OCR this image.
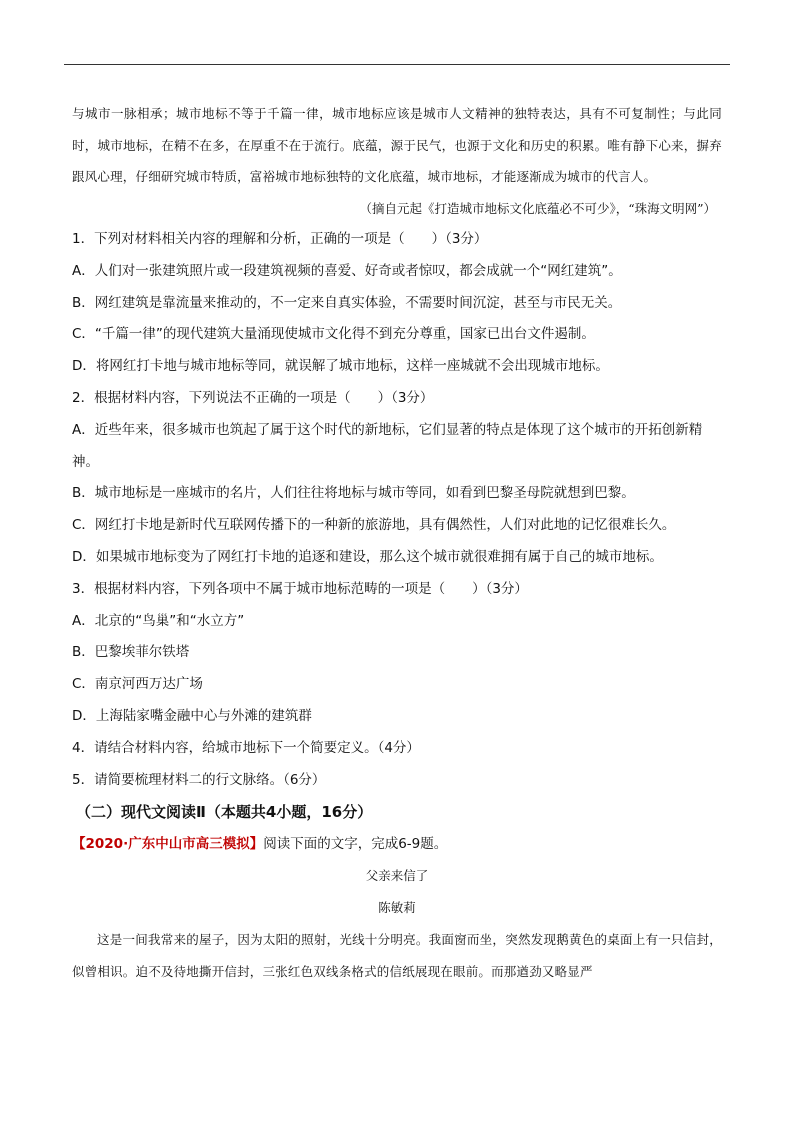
与城市一脉相承；城市地标不等于千篇一律，城市地标应该是城市人文精神的独特表达，具有不可复制性；与此同时，城市地标，在精不在多，在厚重不在于流行。底蕴，源于民气，也源于文化和历史的积累。唯有静下心来，摒弃跟风心理，仔细研究城市特质，富裕城市地标独特的文化底蕴，城市地标，才能逐渐成为城市的代言人。

（摘自元起《打造城市地标文化底蕴必不可少》，“珠海文明网”）

1．下列对材料相关内容的理解和分析，正确的一项是（　　）（3分）

A．人们对一张建筑照片或一段建筑视频的喜爱、好奇或者惊叹，都会成就一个“网红建筑”。

B．网红建筑是靠流量来推动的，不一定来自真实体验，不需要时间沉淀，甚至与市民无关。

C．“千篇一律”的现代建筑大量涌现使城市文化得不到充分尊重，国家已出台文件遏制。

D．将网红打卡地与城市地标等同，就误解了城市地标，这样一座城就不会出现城市地标。

2．根据材料内容，下列说法不正确的一项是（　　）（3分）

A．近些年来，很多城市也筑起了属于这个时代的新地标，它们显著的特点是体现了这个城市的开拓创新精神。

B．城市地标是一座城市的名片，人们往往将地标与城市等同，如看到巴黎圣母院就想到巴黎。

C．网红打卡地是新时代互联网传播下的一种新的旅游地，具有偶然性，人们对此地的记忆很难长久。

D．如果城市地标变为了网红打卡地的追逐和建设，那么这个城市就很难拥有属于自己的城市地标。

3．根据材料内容，下列各项中不属于城市地标范畴的一项是（　　）（3分）

A．北京的“鸟巢”和“水立方”

B．巴黎埃菲尔铁塔

C．南京河西万达广场

D．上海陆家嘴金融中心与外滩的建筑群

4．请结合材料内容，给城市地标下一个简要定义。（4分）

5．请简要梳理材料二的行文脉络。（6分）

（二）现代文阅读Ⅱ（本题共4小题，16分）

【2020·广东中山市高三模拟】阅读下面的文字，完成6-9题。

父亲来信了

陈敏莉

这是一间我常来的屋子，因为太阳的照射，光线十分明亮。我面窗而坐，突然发现鹅黄色的桌面上有一只信封，似曾相识。迫不及待地撕开信封，三张红色双线条格式的信纸展现在眼前。而那遒劲又略显严
